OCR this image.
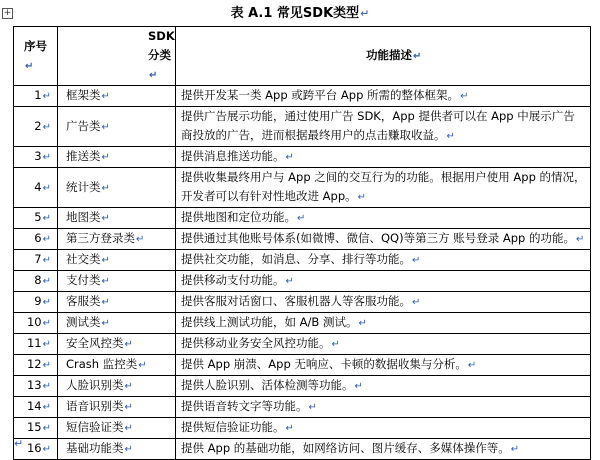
+	表 A.1 常见SDK类型↵
序号↵	SDK分类↵	功能描述↵
1↵	框架类↵	提供开发某一类 App 或跨平台 App 所需的整体框架。↵
2↵	广告类↵	提供广告展示功能，通过使用广告 SDK，App 提供者可以在 App 中展示广告商投放的广告，进而根据最终用户的点击赚取收益。↵
3↵	推送类↵	提供消息推送功能。↵
4↵	统计类↵	提供收集最终用户与 App 之间的交互行为的功能。根据用户使用 App 的情况，开发者可以有针对性地改进 App。↵
5↵	地图类↵	提供地图和定位功能。↵
6↵	第三方登录类↵	提供通过其他账号体系(如微博、微信、QQ)等第三方 账号登录 App 的功能。↵
7↵	社交类↵	提供社交功能，如消息、分享、排行等功能。↵
8↵	支付类↵	提供移动支付功能。↵
9↵	客服类↵	提供客服对话窗口、客服机器人等客服功能。↵
10↵	测试类↵	提供线上测试功能，如 A/B 测试。↵
11↵	安全风控类↵	提供移动业务安全风控功能。↵
12↵	Crash 监控类↵	提供 App 崩溃、App 无响应、卡顿的数据收集与分析。↵
13↵	人脸识别类↵	提供人脸识别、活体检测等功能。↵
14↵	语音识别类↵	提供语音转文字等功能。↵
15↵	短信验证类↵	提供短信验证功能。↵
16↵	基础功能类↵	提供 App 的基础功能，如网络访问、图片缓存、多媒体操作等。↵
↵
